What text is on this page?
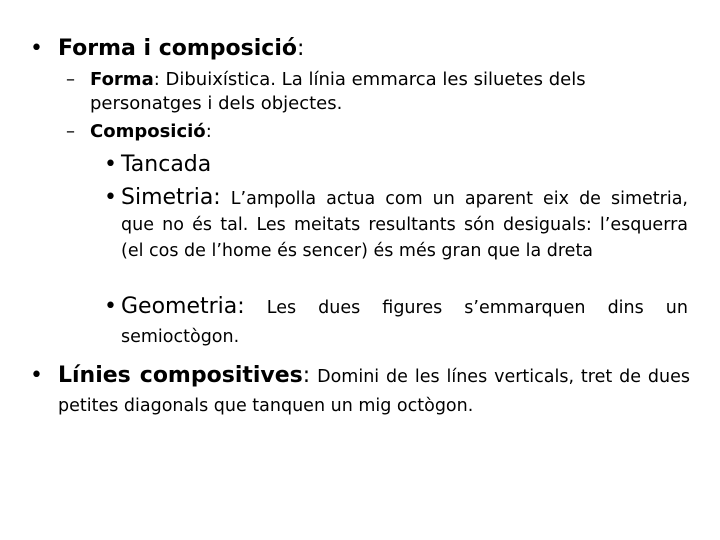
• Forma i composició:
– Forma: Dibuixística. La línia emmarca les siluetes dels personatges i dels objectes.
– Composició:
• Tancada
• Simetria: L’ampolla actua com un aparent eix de simetria, que no és tal. Les meitats resultants són desiguals: l’esquerra (el cos de l’home és sencer) és més gran que la dreta
• Geometria: Les dues figures s’emmarquen dins un semioctògon.
• Línies compositives: Domini de les línes verticals, tret de dues petites diagonals que tanquen un mig octògon.
